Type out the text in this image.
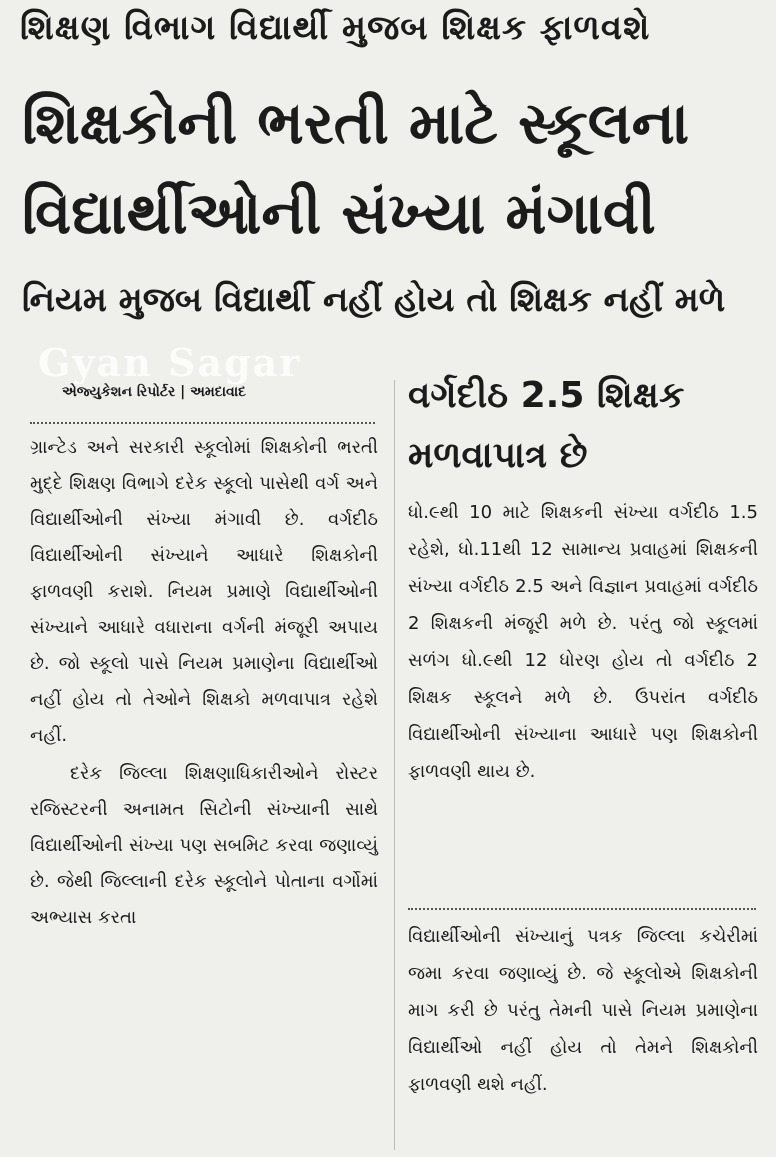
શિક્ષણ વિભાગ વિદ્યાર્થી મુજબ શિક્ષક ફાળવશે
શિક્ષકોની ભરતી માટે સ્કૂલના
વિદ્યાર્થીઓની સંખ્યા મંગાવી
નિયમ મુજબ વિદ્યાર્થી નહીં હોય તો શિક્ષક નહીં મળે
Gyan Sagar
એજ્યુકેશન રિપોર્ટર | અમદાવાદ

ગ્રાન્ટેડ અને સરકારી સ્કૂલોમાં શિક્ષકોની ભરતી મુદ્દે શિક્ષણ વિભાગે દરેક સ્કૂલો પાસેથી વર્ગ અને વિદ્યાર્થીઓની સંખ્યા મંગાવી છે. વર્ગદીઠ વિદ્યાર્થીઓની સંખ્યાને આધારે શિક્ષકોની ફાળવણી કરાશે. નિયમ પ્રમાણે વિદ્યાર્થીઓની સંખ્યાને આધારે વધારાના વર્ગની મંજૂરી અપાય છે. જો સ્કૂલો પાસે નિયમ પ્રમાણેના વિદ્યાર્થીઓ નહીં હોય તો તેઓને શિક્ષકો મળવાપાત્ર રહેશે નહીં.

દરેક જિલ્લા શિક્ષણાધિકારીઓને રોસ્ટર રજિસ્ટરની અનામત સિટોની સંખ્યાની સાથે વિદ્યાર્થીઓની સંખ્યા પણ સબમિટ કરવા જણાવ્યું છે. જેથી જિલ્લાની દરેક સ્કૂલોને પોતાના વર્ગોમાં અભ્યાસ કરતા

વર્ગદીઠ 2.5 શિક્ષક
મળવાપાત્ર છે

ધો.૯થી 10 માટે શિક્ષકની સંખ્યા વર્ગદીઠ 1.5 રહેશે, ધો.11થી 12 સામાન્ય પ્રવાહમાં શિક્ષકની સંખ્યા વર્ગદીઠ 2.5 અને વિજ્ઞાન પ્રવાહમાં વર્ગદીઠ 2 શિક્ષકની મંજૂરી મળે છે. પરંતુ જો સ્કૂલમાં સળંગ ધો.૯થી 12 ધોરણ હોય તો વર્ગદીઠ 2 શિક્ષક સ્કૂલને મળે છે. ઉપરાંત વર્ગદીઠ વિદ્યાર્થીઓની સંખ્યાના આધારે પણ શિક્ષકોની ફાળવણી થાય છે.

વિદ્યાર્થીઓની સંખ્યાનું પત્રક જિલ્લા કચેરીમાં જમા કરવા જણાવ્યું છે. જે સ્કૂલોએ શિક્ષકોની માગ કરી છે પરંતુ તેમની પાસે નિયમ પ્રમાણેના વિદ્યાર્થીઓ નહીં હોય તો તેમને શિક્ષકોની ફાળવણી થશે નહીં.
